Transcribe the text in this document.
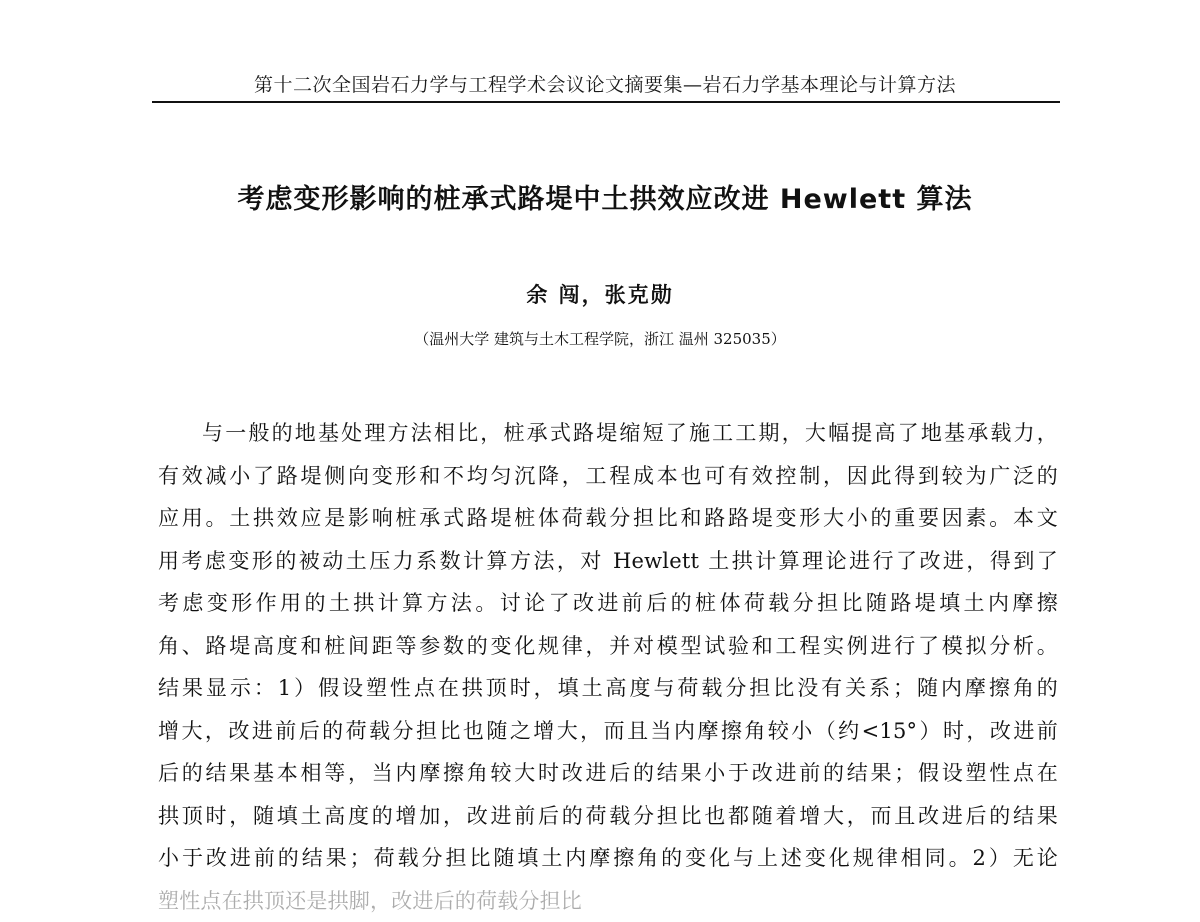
第十二次全国岩石力学与工程学术会议论文摘要集—岩石力学基本理论与计算方法
考虑变形影响的桩承式路堤中土拱效应改进 Hewlett 算法
余 闯，张克勋
（温州大学 建筑与土木工程学院，浙江 温州 325035）
与一般的地基处理方法相比，桩承式路堤缩短了施工工期，大幅提高了地基承载力，
有效减小了路堤侧向变形和不均匀沉降，工程成本也可有效控制，因此得到较为广泛的
应用。土拱效应是影响桩承式路堤桩体荷载分担比和路路堤变形大小的重要因素。本文
用考虑变形的被动土压力系数计算方法，对 Hewlett 土拱计算理论进行了改进，得到了
考虑变形作用的土拱计算方法。讨论了改进前后的桩体荷载分担比随路堤填土内摩擦
角、路堤高度和桩间距等参数的变化规律，并对模型试验和工程实例进行了模拟分析。
结果显示：1）假设塑性点在拱顶时，填土高度与荷载分担比没有关系；随内摩擦角的
增大，改进前后的荷载分担比也随之增大，而且当内摩擦角较小（约<15°）时，改进前
后的结果基本相等，当内摩擦角较大时改进后的结果小于改进前的结果；假设塑性点在
拱顶时，随填土高度的增加，改进前后的荷载分担比也都随着增大，而且改进后的结果
小于改进前的结果；荷载分担比随填土内摩擦角的变化与上述变化规律相同。2）无论
塑性点在拱顶还是拱脚，改进后的荷载分担比
